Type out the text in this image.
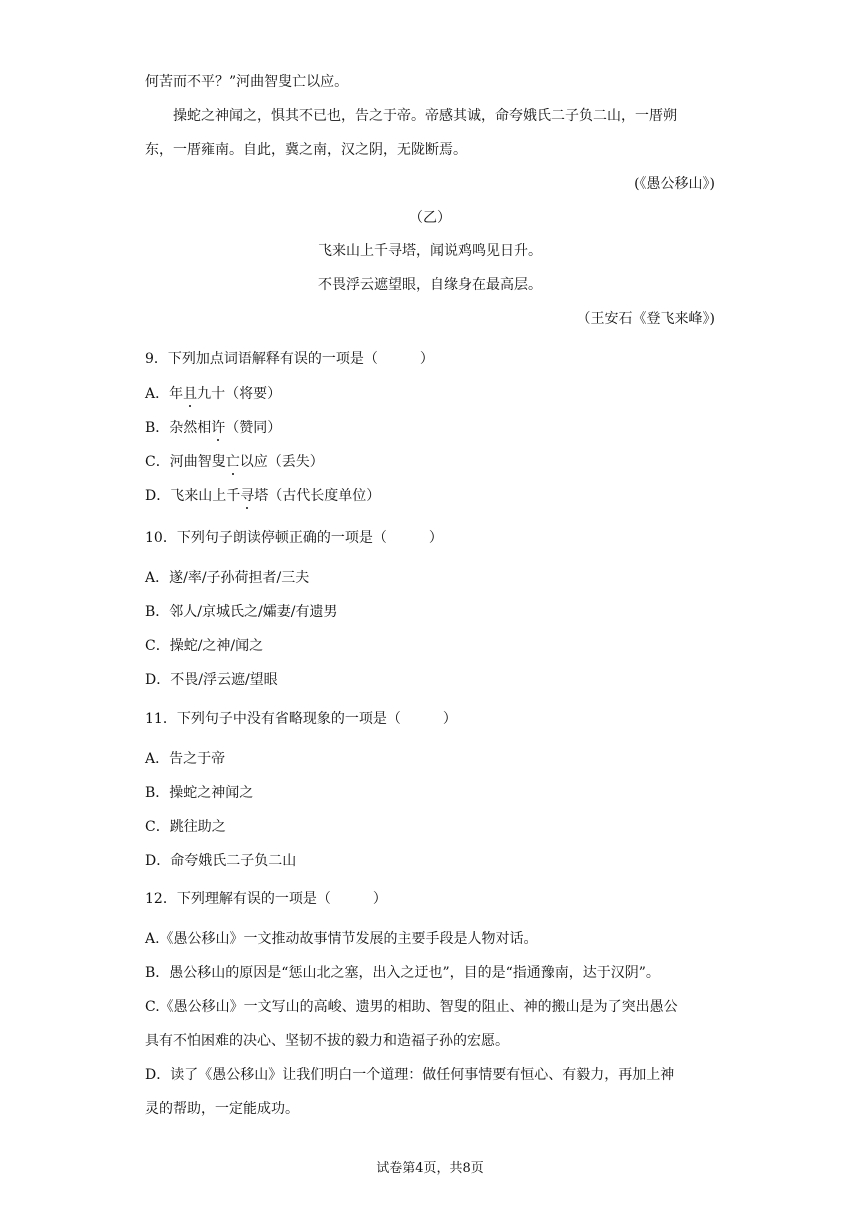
何苦而不平？”河曲智叟亡以应。
操蛇之神闻之，惧其不已也，告之于帝。帝感其诚，命夸娥氏二子负二山，一厝朔
东，一厝雍南。自此，冀之南，汉之阴，无陇断焉。
(《愚公移山》)
（乙）
飞来山上千寻塔，闻说鸡鸣见日升。
不畏浮云遮望眼，自缘身在最高层。
（王安石《登飞来峰》)
9．下列加点词语解释有误的一项是（　　　）
A．年且九十（将要）
B．杂然相许（赞同）
C．河曲智叟亡以应（丢失）
D．飞来山上千寻塔（古代长度单位）
10．下列句子朗读停顿正确的一项是（　　　）
A．遂/率/子孙荷担者/三夫
B．邻人/京城氏之/孀妻/有遗男
C．操蛇/之神/闻之
D．不畏/浮云遮/望眼
11．下列句子中没有省略现象的一项是（　　　）
A．告之于帝
B．操蛇之神闻之
C．跳往助之
D．命夸娥氏二子负二山
12．下列理解有误的一项是（　　　）
A.《愚公移山》一文推动故事情节发展的主要手段是人物对话。
B．愚公移山的原因是“惩山北之塞，出入之迂也”，目的是“指通豫南，达于汉阴”。
C.《愚公移山》一文写山的高峻、遗男的相助、智叟的阻止、神的搬山是为了突出愚公
具有不怕困难的决心、坚韧不拔的毅力和造福子孙的宏愿。
D．读了《愚公移山》让我们明白一个道理：做任何事情要有恒心、有毅力，再加上神
灵的帮助，一定能成功。
试卷第4页，共8页
